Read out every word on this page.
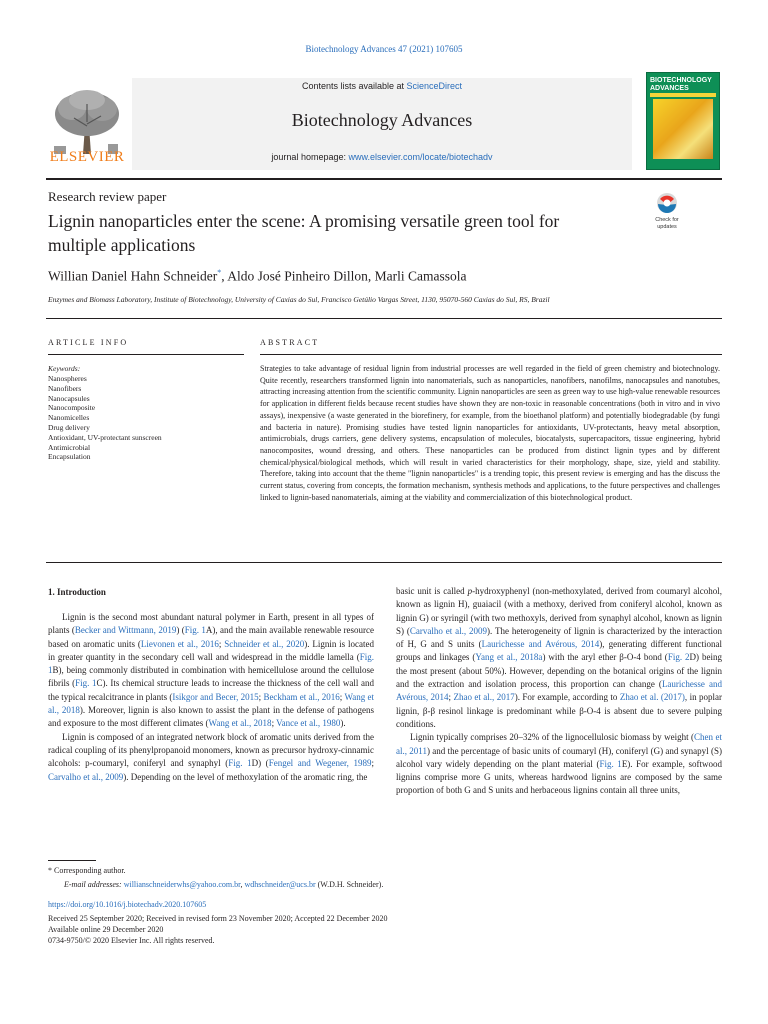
Biotechnology Advances 47 (2021) 107605
ELSEVIER
Contents lists available at ScienceDirect
Biotechnology Advances
journal homepage: www.elsevier.com/locate/biotechadv
BIOTECHNOLOGY ADVANCES
Research review paper
Lignin nanoparticles enter the scene: A promising versatile green tool for multiple applications
Check for
updates
Willian Daniel Hahn Schneider*, Aldo José Pinheiro Dillon, Marli Camassola
Enzymes and Biomass Laboratory, Institute of Biotechnology, University of Caxias do Sul, Francisco Getúlio Vargas Street, 1130, 95070-560 Caxias do Sul, RS, Brazil
ARTICLE INFO
Keywords:
Nanospheres
Nanofibers
Nanocapsules
Nanocomposite
Nanomicelles
Drug delivery
Antioxidant, UV-protectant sunscreen
Antimicrobial
Encapsulation
ABSTRACT
Strategies to take advantage of residual lignin from industrial processes are well regarded in the field of green chemistry and biotechnology. Quite recently, researchers transformed lignin into nanomaterials, such as nanoparticles, nanofibers, nanofilms, nanocapsules and nanotubes, attracting increasing attention from the scientific community. Lignin nanoparticles are seen as green way to use high-value renewable resources for application in different fields because recent studies have shown they are non-toxic in reasonable concentrations (both in vitro and in vivo assays), inexpensive (a waste generated in the biorefinery, for example, from the bioethanol platform) and potentially biodegradable (by fungi and bacteria in nature). Promising studies have tested lignin nanoparticles for antioxidants, UV-protectants, heavy metal absorption, antimicrobials, drugs carriers, gene delivery systems, encapsulation of molecules, biocatalysts, supercapacitors, tissue engineering, hybrid nanocomposites, wound dressing, and others. These nanoparticles can be produced from distinct lignin types and by different chemical/physical/biological methods, which will result in varied characteristics for their morphology, shape, size, yield and stability. Therefore, taking into account that the theme "lignin nanoparticles" is a trending topic, this present review is emerging and has the discuss the current status, covering from concepts, the formation mechanism, synthesis methods and applications, to the future perspectives and challenges linked to lignin-based nanomaterials, aiming at the viability and commercialization of this biotechnological product.
1. Introduction

Lignin is the second most abundant natural polymer in Earth, present in all types of plants (Becker and Wittmann, 2019) (Fig. 1A), and the main available renewable resource based on aromatic units (Lievonen et al., 2016; Schneider et al., 2020). Lignin is located in greater quantity in the secondary cell wall and widespread in the middle lamella (Fig. 1B), being commonly distributed in combination with hemicellulose around the cellulose fibrils (Fig. 1C). Its chemical structure leads to increase the thickness of the cell wall and the typical recalcitrance in plants (Isikgor and Becer, 2015; Beckham et al., 2016; Wang et al., 2018). Moreover, lignin is also known to assist the plant in the defense of pathogens and exposure to the most different climates (Wang et al., 2018; Vance et al., 1980).

Lignin is composed of an integrated network block of aromatic units derived from the radical coupling of its phenylpropanoid monomers, known as precursor hydroxy-cinnamic alcohols: p-coumaryl, coniferyl and synaphyl (Fig. 1D) (Fengel and Wegener, 1989; Carvalho et al., 2009). Depending on the level of methoxylation of the aromatic ring, the

basic unit is called p-hydroxyphenyl (non-methoxylated, derived from coumaryl alcohol, known as lignin H), guaiacil (with a methoxy, derived from coniferyl alcohol, known as lignin G) or syringil (with two methoxyls, derived from synaphyl alcohol, known as lignin S) (Carvalho et al., 2009). The heterogeneity of lignin is characterized by the interaction of H, G and S units (Laurichesse and Avérous, 2014), generating different functional groups and linkages (Yang et al., 2018a) with the aryl ether β-O-4 bond (Fig. 2D) being the most present (about 50%). However, depending on the botanical origins of the lignin and the extraction and isolation process, this proportion can change (Laurichesse and Avérous, 2014; Zhao et al., 2017). For example, according to Zhao et al. (2017), in poplar lignin, β-β resinol linkage is predominant while β-O-4 is absent due to severe pulping conditions.

Lignin typically comprises 20–32% of the lignocellulosic biomass by weight (Chen et al., 2011) and the percentage of basic units of coumaryl (H), coniferyl (G) and synapyl (S) alcohol vary widely depending on the plant material (Fig. 1E). For example, softwood lignins comprise more G units, whereas hardwood lignins are composed by the same proportion of both G and S units and herbaceous lignins contain all three units,

* Corresponding author.
E-mail addresses: willianschneiderwhs@yahoo.com.br, wdhschneider@ucs.br (W.D.H. Schneider).
https://doi.org/10.1016/j.biotechadv.2020.107605
Received 25 September 2020; Received in revised form 23 November 2020; Accepted 22 December 2020
Available online 29 December 2020
0734-9750/© 2020 Elsevier Inc. All rights reserved.
